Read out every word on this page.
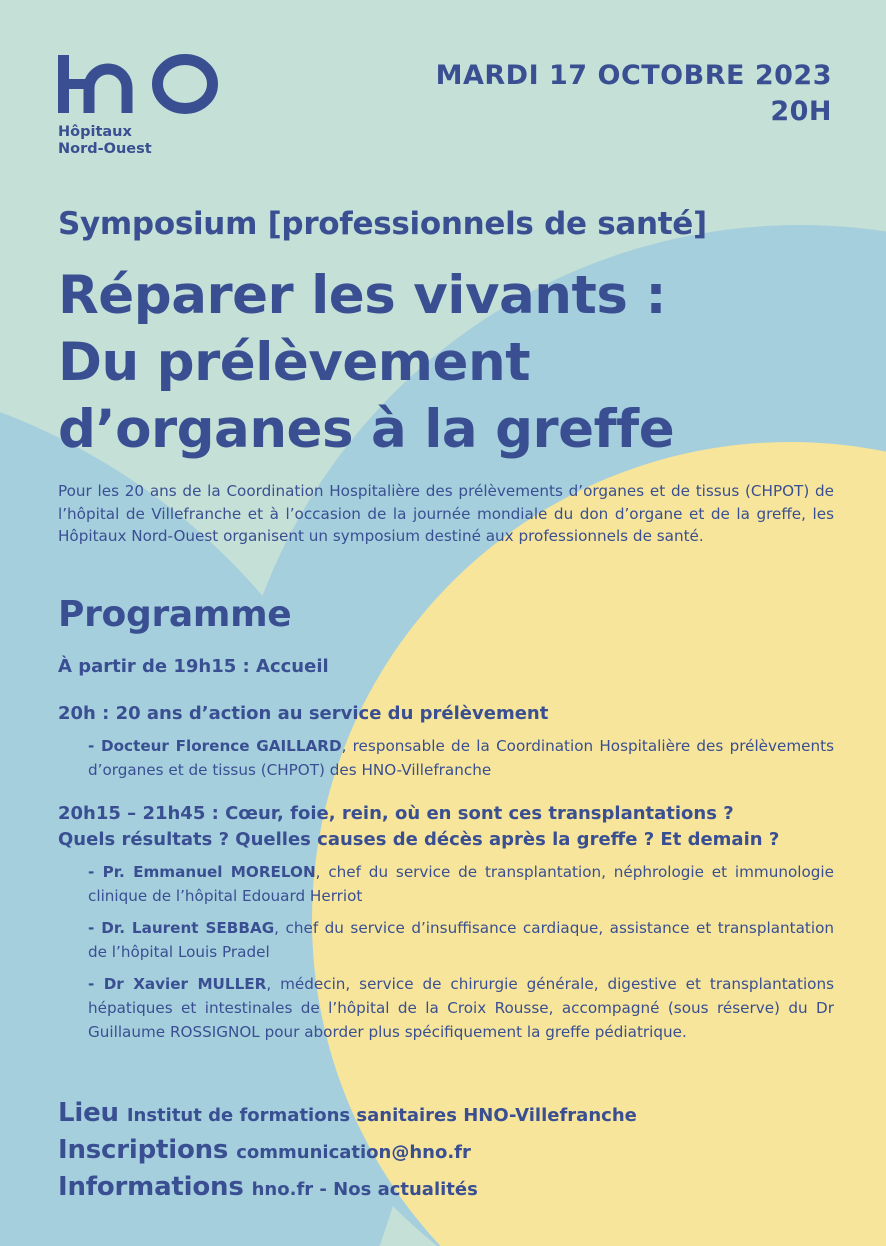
Hôpitaux
Nord-Ouest
MARDI 17 OCTOBRE 2023
20H
Symposium [professionnels de santé]
Réparer les vivants :
Du prélèvement
d’organes à la greffe

Pour les 20 ans de la Coordination Hospitalière des prélèvements d’organes et de tissus (CHPOT) de l’hôpital de Villefranche et à l’occasion de la journée mondiale du don d’organe et de la greffe, les Hôpitaux Nord-Ouest organisent un symposium destiné aux professionnels de santé.

Programme
À partir de 19h15 : Accueil
20h : 20 ans d’action au service du prélèvement
- Docteur Florence GAILLARD, responsable de la Coordination Hospitalière des prélèvements d’organes et de tissus (CHPOT) des HNO-Villefranche
20h15 – 21h45 : Cœur, foie, rein, où en sont ces transplantations ?
Quels résultats ? Quelles causes de décès après la greffe ? Et demain ?
- Pr. Emmanuel MORELON, chef du service de transplantation, néphrologie et immunologie clinique de l’hôpital Edouard Herriot
- Dr. Laurent SEBBAG, chef du service d’insuffisance cardiaque, assistance et transplantation de l’hôpital Louis Pradel
- Dr Xavier MULLER, médecin, service de chirurgie générale, digestive et transplantations hépatiques et intestinales de l’hôpital de la Croix Rousse, accompagné (sous réserve) du Dr Guillaume ROSSIGNOL pour aborder plus spécifiquement la greffe pédiatrique.
Lieu Institut de formations sanitaires HNO-Villefranche
Inscriptions communication@hno.fr
Informations hno.fr - Nos actualités
